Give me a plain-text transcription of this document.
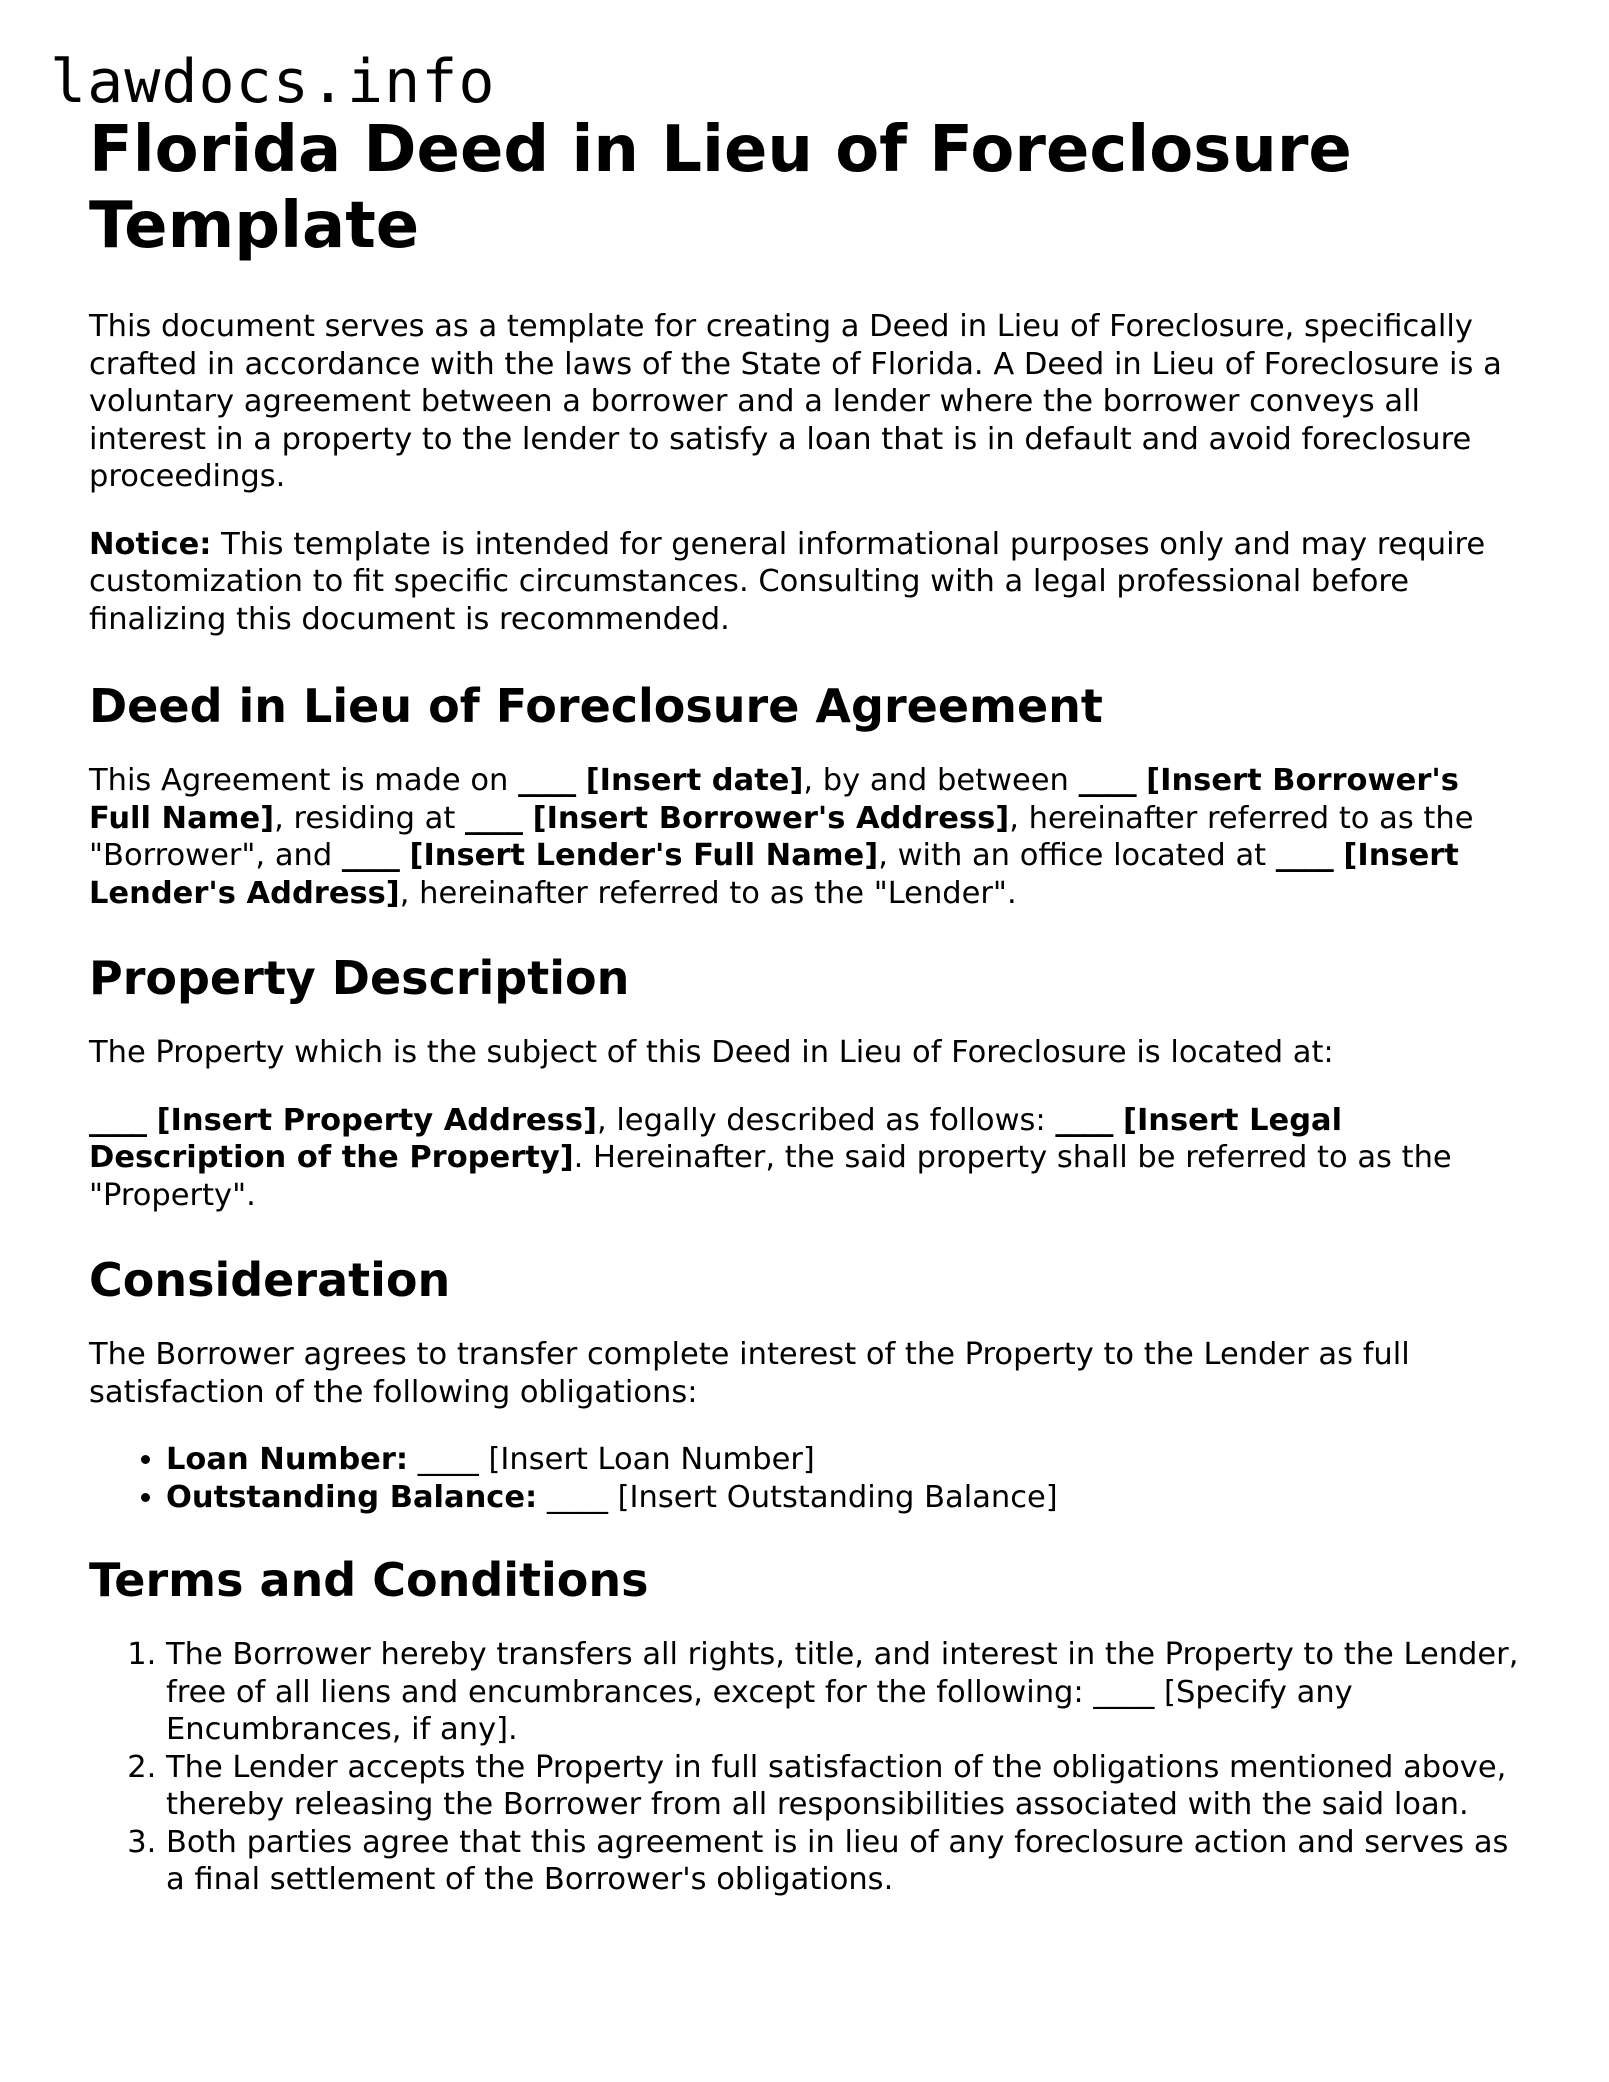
lawdocs.info
Florida Deed in Lieu of Foreclosure Template

This document serves as a template for creating a Deed in Lieu of Foreclosure, specifically crafted in accordance with the laws of the State of Florida. A Deed in Lieu of Foreclosure is a voluntary agreement between a borrower and a lender where the borrower conveys all interest in a property to the lender to satisfy a loan that is in default and avoid foreclosure proceedings.

Notice: This template is intended for general informational purposes only and may require customization to fit specific circumstances. Consulting with a legal professional before finalizing this document is recommended.

Deed in Lieu of Foreclosure Agreement

This Agreement is made on ____ [Insert date], by and between ____ [Insert Borrower's Full Name], residing at ____ [Insert Borrower's Address], hereinafter referred to as the "Borrower", and ____ [Insert Lender's Full Name], with an office located at ____ [Insert Lender's Address], hereinafter referred to as the "Lender".

Property Description

The Property which is the subject of this Deed in Lieu of Foreclosure is located at:

____ [Insert Property Address], legally described as follows: ____ [Insert Legal Description of the Property]. Hereinafter, the said property shall be referred to as the "Property".

Consideration

The Borrower agrees to transfer complete interest of the Property to the Lender as full satisfaction of the following obligations:

• Loan Number: ____ [Insert Loan Number]
• Outstanding Balance: ____ [Insert Outstanding Balance]
Terms and Conditions
1. The Borrower hereby transfers all rights, title, and interest in the Property to the Lender, free of all liens and encumbrances, except for the following: ____ [Specify any Encumbrances, if any].
2. The Lender accepts the Property in full satisfaction of the obligations mentioned above, thereby releasing the Borrower from all responsibilities associated with the said loan.
3. Both parties agree that this agreement is in lieu of any foreclosure action and serves as a final settlement of the Borrower's obligations.
